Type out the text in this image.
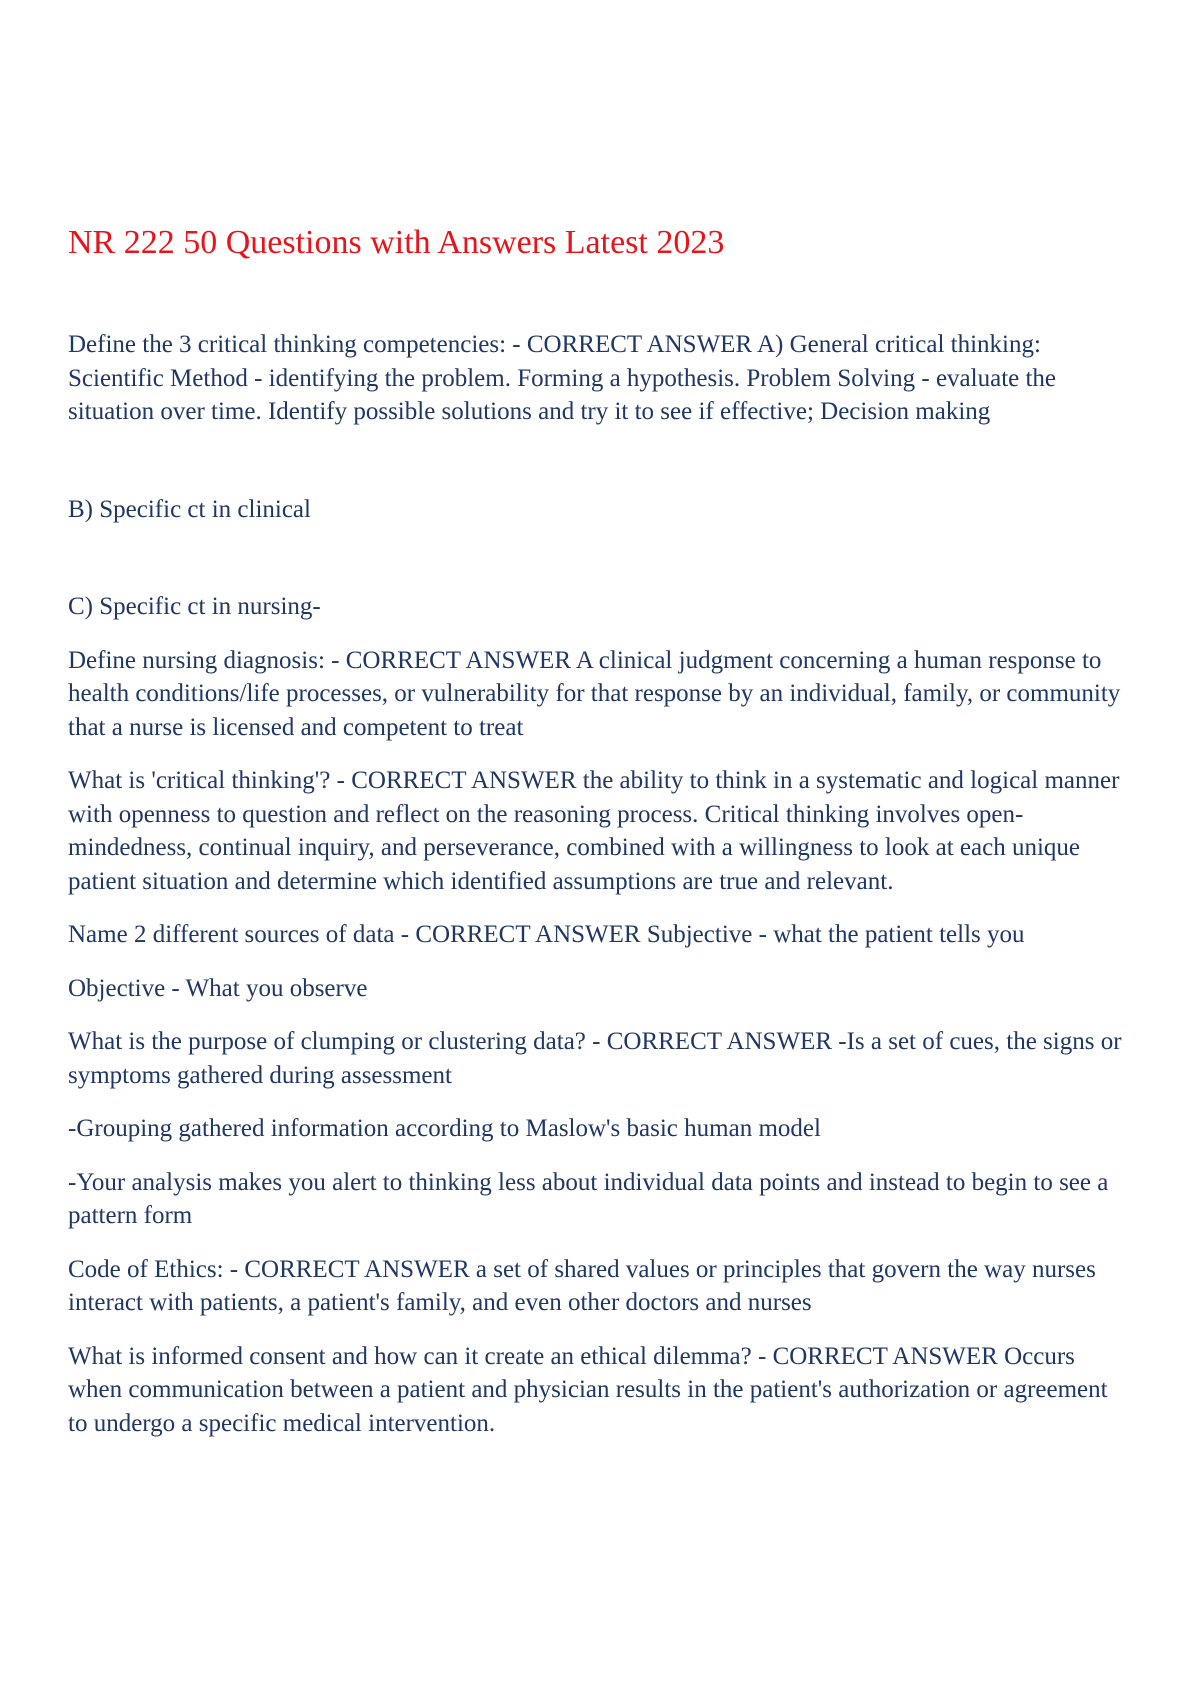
NR 222 50 Questions with Answers Latest 2023

Define the 3 critical thinking competencies: - CORRECT ANSWER A) General critical thinking: Scientific Method - identifying the problem. Forming a hypothesis. Problem Solving - evaluate the situation over time. Identify possible solutions and try it to see if effective; Decision making

B) Specific ct in clinical

C) Specific ct in nursing-

Define nursing diagnosis: - CORRECT ANSWER A clinical judgment concerning a human response to health conditions/life processes, or vulnerability for that response by an individual, family, or community that a nurse is licensed and competent to treat

What is 'critical thinking'? - CORRECT ANSWER the ability to think in a systematic and logical manner with openness to question and reflect on the reasoning process. Critical thinking involves open-mindedness, continual inquiry, and perseverance, combined with a willingness to look at each unique patient situation and determine which identified assumptions are true and relevant.

Name 2 different sources of data - CORRECT ANSWER Subjective - what the patient tells you

Objective - What you observe

What is the purpose of clumping or clustering data? - CORRECT ANSWER -Is a set of cues, the signs or symptoms gathered during assessment

-Grouping gathered information according to Maslow's basic human model

-Your analysis makes you alert to thinking less about individual data points and instead to begin to see a pattern form

Code of Ethics: - CORRECT ANSWER a set of shared values or principles that govern the way nurses interact with patients, a patient's family, and even other doctors and nurses

What is informed consent and how can it create an ethical dilemma? - CORRECT ANSWER Occurs when communication between a patient and physician results in the patient's authorization or agreement to undergo a specific medical intervention.
